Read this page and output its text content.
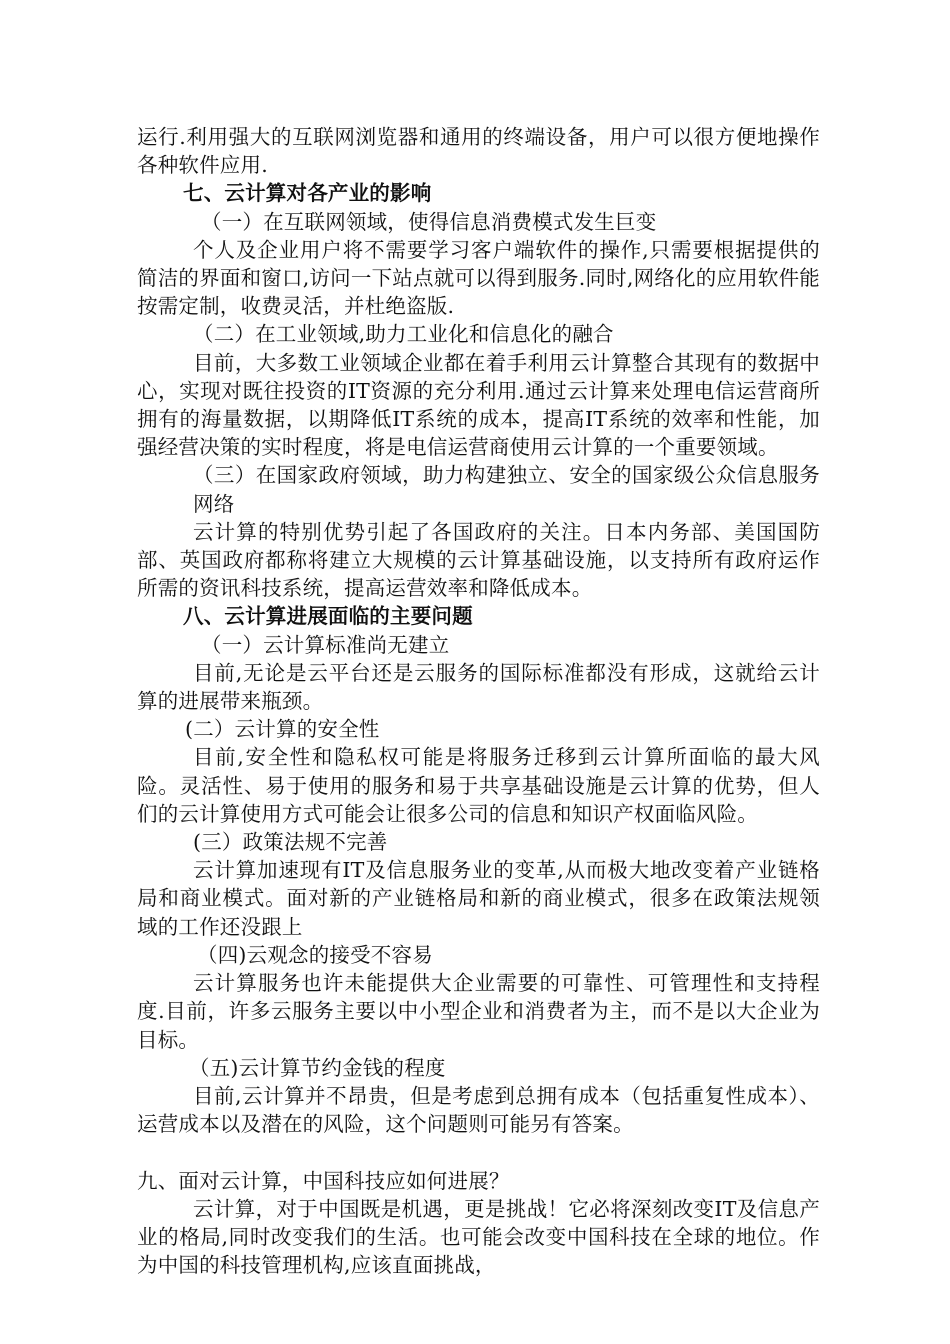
运行.利用强大的互联网浏览器和通用的终端设备，用户可以很方便地操作各种软件应用.

七、云计算对各产业的影响

（一）在互联网领域，使得信息消费模式发生巨变

个人及企业用户将不需要学习客户端软件的操作,只需要根据提供的简洁的界面和窗口,访问一下站点就可以得到服务.同时,网络化的应用软件能按需定制，收费灵活，并杜绝盗版.

（二）在工业领域,助力工业化和信息化的融合

目前，大多数工业领域企业都在着手利用云计算整合其现有的数据中心，实现对既往投资的IT资源的充分利用.通过云计算来处理电信运营商所拥有的海量数据，以期降低IT系统的成本，提高IT系统的效率和性能，加强经营决策的实时程度，将是电信运营商使用云计算的一个重要领域。

（三）在国家政府领域，助力构建独立、安全的国家级公众信息服务网络

云计算的特别优势引起了各国政府的关注。日本内务部、美国国防部、英国政府都称将建立大规模的云计算基础设施，以支持所有政府运作所需的资讯科技系统，提高运营效率和降低成本。

八、云计算进展面临的主要问题

（一）云计算标准尚无建立

目前,无论是云平台还是云服务的国际标准都没有形成，这就给云计算的进展带来瓶颈。

(二）云计算的安全性

目前,安全性和隐私权可能是将服务迁移到云计算所面临的最大风险。灵活性、易于使用的服务和易于共享基础设施是云计算的优势，但人们的云计算使用方式可能会让很多公司的信息和知识产权面临风险。

(三）政策法规不完善

云计算加速现有IT及信息服务业的变革,从而极大地改变着产业链格局和商业模式。面对新的产业链格局和新的商业模式，很多在政策法规领域的工作还没跟上

（四)云观念的接受不容易

云计算服务也许未能提供大企业需要的可靠性、可管理性和支持程度.目前，许多云服务主要以中小型企业和消费者为主，而不是以大企业为目标。

（五)云计算节约金钱的程度

目前,云计算并不昂贵，但是考虑到总拥有成本（包括重复性成本）、运营成本以及潜在的风险，这个问题则可能另有答案。

九、面对云计算，中国科技应如何进展？

云计算，对于中国既是机遇，更是挑战！它必将深刻改变IT及信息产业的格局,同时改变我们的生活。也可能会改变中国科技在全球的地位。作为中国的科技管理机构,应该直面挑战，
